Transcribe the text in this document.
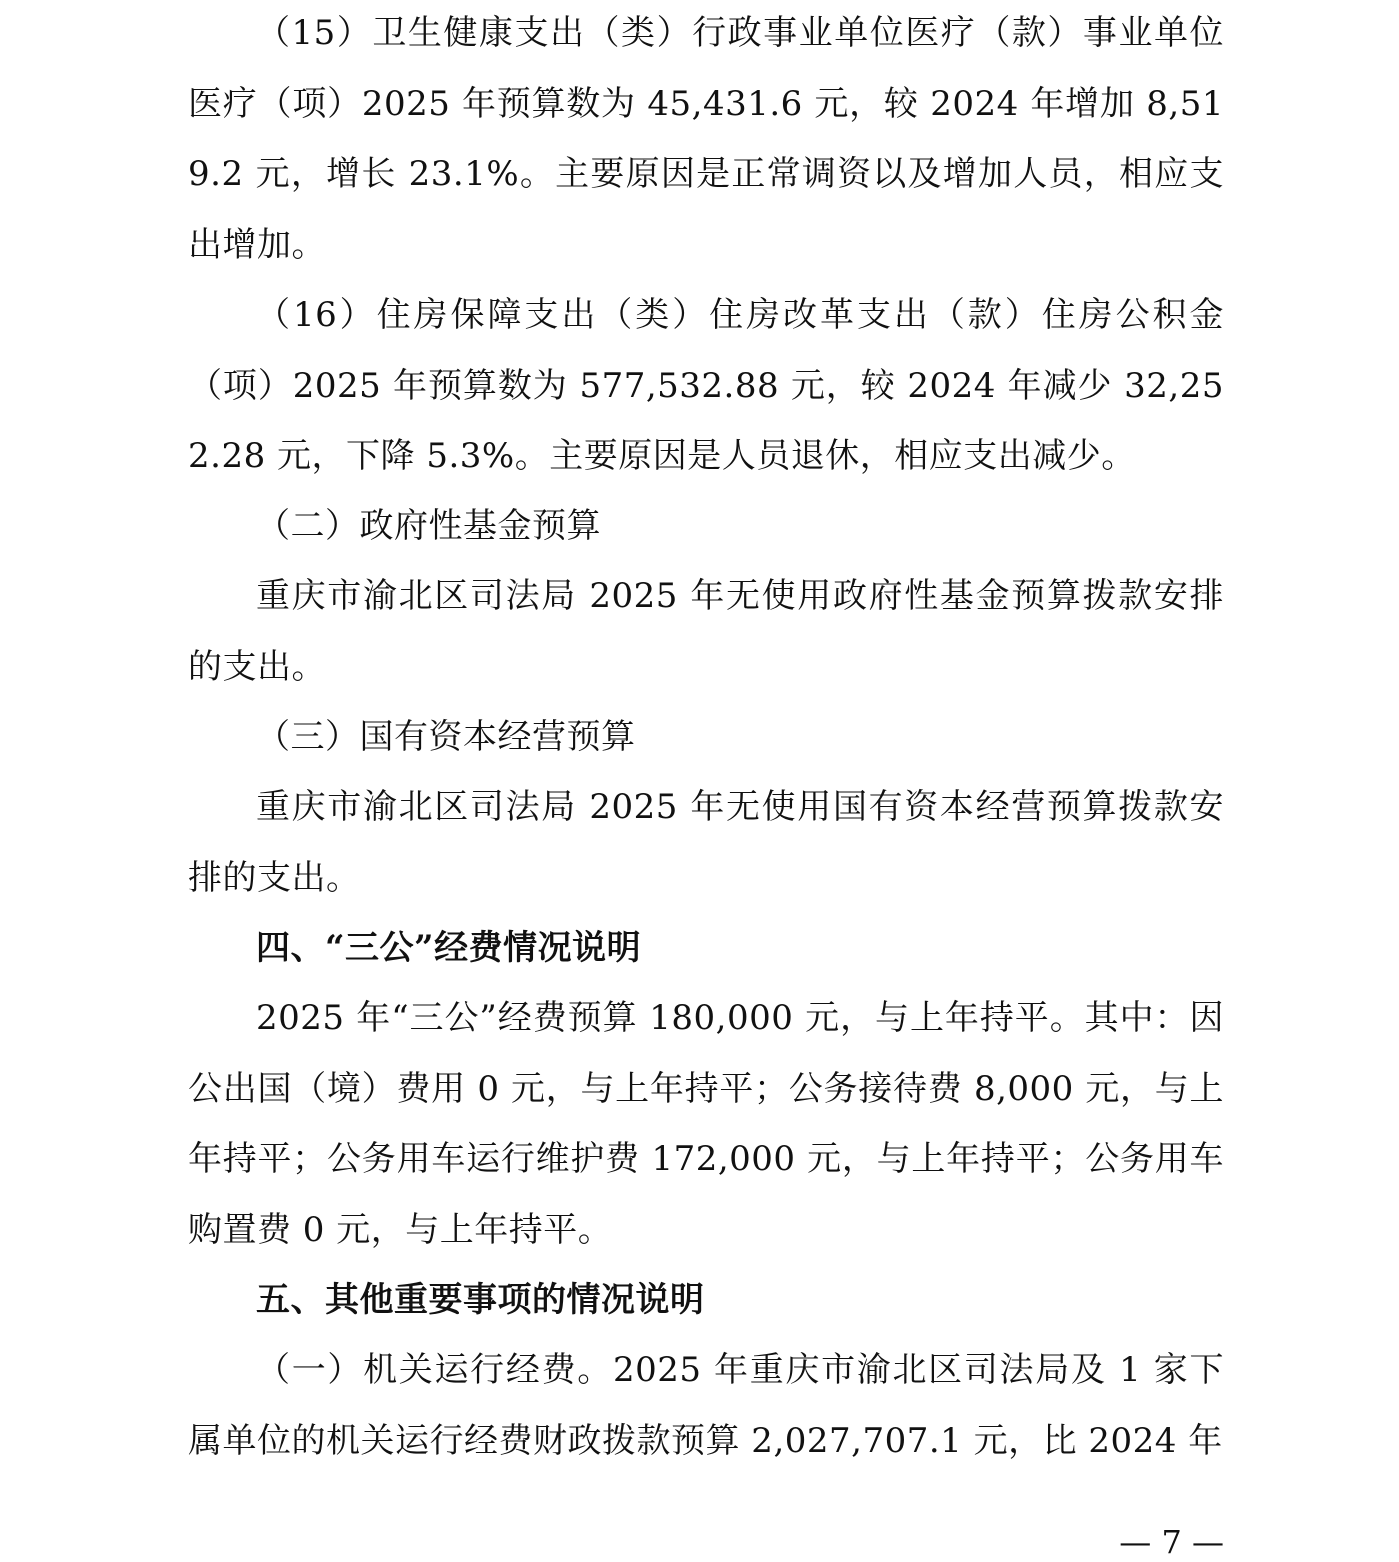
（15）卫生健康支出（类）行政事业单位医疗（款）事业单位医疗（项）2025 年预算数为 45,431.6 元，较 2024 年增加 8,519.2 元，增长 23.1%。主要原因是正常调资以及增加人员，相应支出增加。

（16）住房保障支出（类）住房改革支出（款）住房公积金（项）2025 年预算数为 577,532.88 元，较 2024 年减少 32,252.28 元，下降 5.3%。主要原因是人员退休，相应支出减少。

（二）政府性基金预算

重庆市渝北区司法局 2025 年无使用政府性基金预算拨款安排的支出。

（三）国有资本经营预算

重庆市渝北区司法局 2025 年无使用国有资本经营预算拨款安排的支出。

四、“三公”经费情况说明

2025 年“三公”经费预算 180,000 元，与上年持平。其中：因公出国（境）费用 0 元，与上年持平；公务接待费 8,000 元，与上年持平；公务用车运行维护费 172,000 元，与上年持平；公务用车购置费 0 元，与上年持平。

五、其他重要事项的情况说明

（一）机关运行经费。2025 年重庆市渝北区司法局及 1 家下属单位的机关运行经费财政拨款预算 2,027,707.1 元，比 2024 年

— 7 —
